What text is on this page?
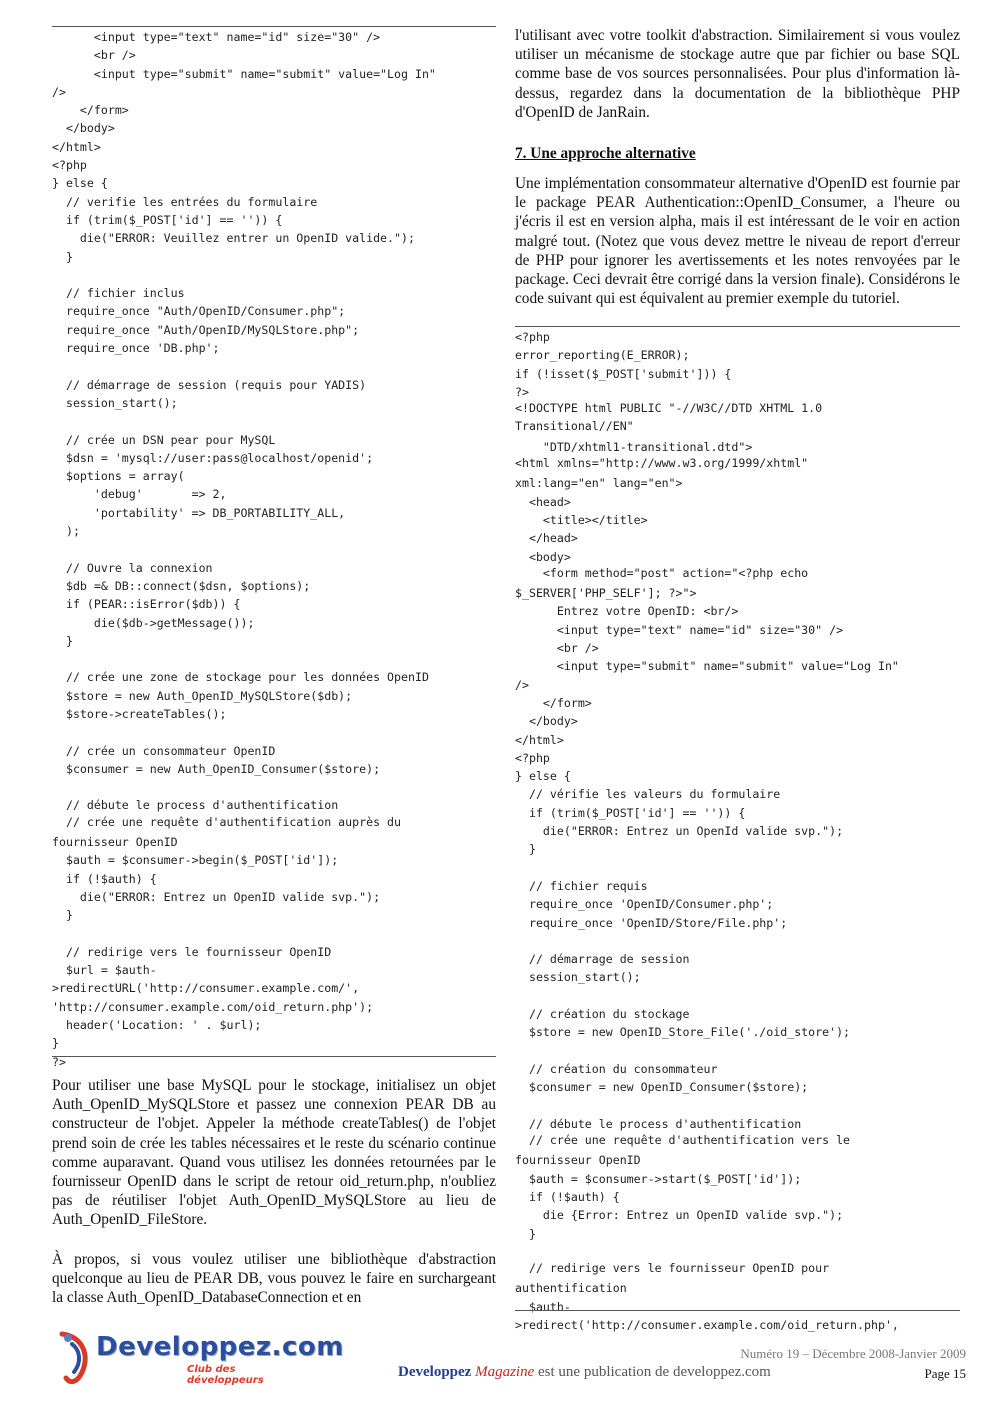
<input type="text" name="id" size="30" />
<br />
<input type="submit" name="submit" value="Log In"
/>
</form>
</body>
</html>
<?php
} else {
// verifie les entrées du formulaire
if (trim($_POST['id'] == '')) {
die("ERROR: Veuillez entrer un OpenID valide.");
}

// fichier inclus
require_once "Auth/OpenID/Consumer.php";
require_once "Auth/OpenID/MySQLStore.php";
require_once 'DB.php';

// démarrage de session (requis pour YADIS)
session_start();

// crée un DSN pear pour MySQL
$dsn = 'mysql://user:pass@localhost/openid';
$options = array(
'debug'       => 2,
'portability' => DB_PORTABILITY_ALL,
);

// Ouvre la connexion
$db =& DB::connect($dsn, $options);
if (PEAR::isError($db)) {
die($db->getMessage());
}

// crée une zone de stockage pour les données OpenID
$store = new Auth_OpenID_MySQLStore($db);
$store->createTables();

// crée un consommateur OpenID
$consumer = new Auth_OpenID_Consumer($store);

// débute le process d'authentification
// crée une requête d'authentification auprès du
fournisseur OpenID
$auth = $consumer->begin($_POST['id']);
if (!$auth) {
die("ERROR: Entrez un OpenID valide svp.");
}

// redirige vers le fournisseur OpenID
$url = $auth-
>redirectURL('http://consumer.example.com/',
'http://consumer.example.com/oid_return.php');
header('Location: ' . $url);
}
?>

Pour utiliser une base MySQL pour le stockage, initialisez un objet Auth_OpenID_MySQLStore et passez une connexion PEAR DB au constructeur de l'objet. Appeler la méthode createTables() de l'objet prend soin de crée les tables nécessaires et le reste du scénario continue comme auparavant. Quand vous utilisez les données retournées par le fournisseur OpenID dans le script de retour oid_return.php, n'oubliez pas de réutiliser l'objet Auth_OpenID_MySQLStore au lieu de Auth_OpenID_FileStore.

À propos, si vous voulez utiliser une bibliothèque d'abstraction quelconque au lieu de PEAR DB, vous pouvez le faire en surchargeant la classe Auth_OpenID_DatabaseConnection et en

l'utilisant avec votre toolkit d'abstraction. Similairement si vous voulez utiliser un mécanisme de stockage autre que par fichier ou base SQL comme base de vos sources personnalisées. Pour plus d'information là-dessus, regardez dans la documentation de la bibliothèque PHP d'OpenID de JanRain.

7. Une approche alternative

Une implémentation consommateur alternative d'OpenID est fournie par le package PEAR Authentication::OpenID_Consumer, a l'heure ou j'écris il est en version alpha, mais il est intéressant de le voir en action malgré tout. (Notez que vous devez mettre le niveau de report d'erreur de PHP pour ignorer les avertissements et les notes renvoyées par le package. Ceci devrait être corrigé dans la version finale). Considérons le code suivant qui est équivalent au premier exemple du tutoriel.

<?php
error_reporting(E_ERROR);
if (!isset($_POST['submit'])) {
?>
<!DOCTYPE html PUBLIC "-//W3C//DTD XHTML 1.0
Transitional//EN"
"DTD/xhtml1-transitional.dtd">
<html xmlns="http://www.w3.org/1999/xhtml"
xml:lang="en" lang="en">
<head>
<title></title>
</head>
<body>
<form method="post" action="<?php echo
$_SERVER['PHP_SELF']; ?>">
Entrez votre OpenID: <br/>
<input type="text" name="id" size="30" />
<br />
<input type="submit" name="submit" value="Log In"
/>
</form>
</body>
</html>
<?php
} else {
// vérifie les valeurs du formulaire
if (trim($_POST['id'] == '')) {
die("ERROR: Entrez un OpenId valide svp.");
}

// fichier requis
require_once 'OpenID/Consumer.php';
require_once 'OpenID/Store/File.php';

// démarrage de session
session_start();

// création du stockage
$store = new OpenID_Store_File('./oid_store');

// création du consommateur
$consumer = new OpenID_Consumer($store);

// débute le process d'authentification
// crée une requête d'authentification vers le
fournisseur OpenID
$auth = $consumer->start($_POST['id']);
if (!$auth) {
die {Error: Entrez un OpenID valide svp.");
}

// redirige vers le fournisseur OpenID pour
authentification
$auth-
>redirect('http://consumer.example.com/oid_return.php',
Developpez.com
Club des développeurs
Numéro 19 – Décembre 2008-Janvier 2009
Developpez Magazine est une publication de developpez.com	Page 15
